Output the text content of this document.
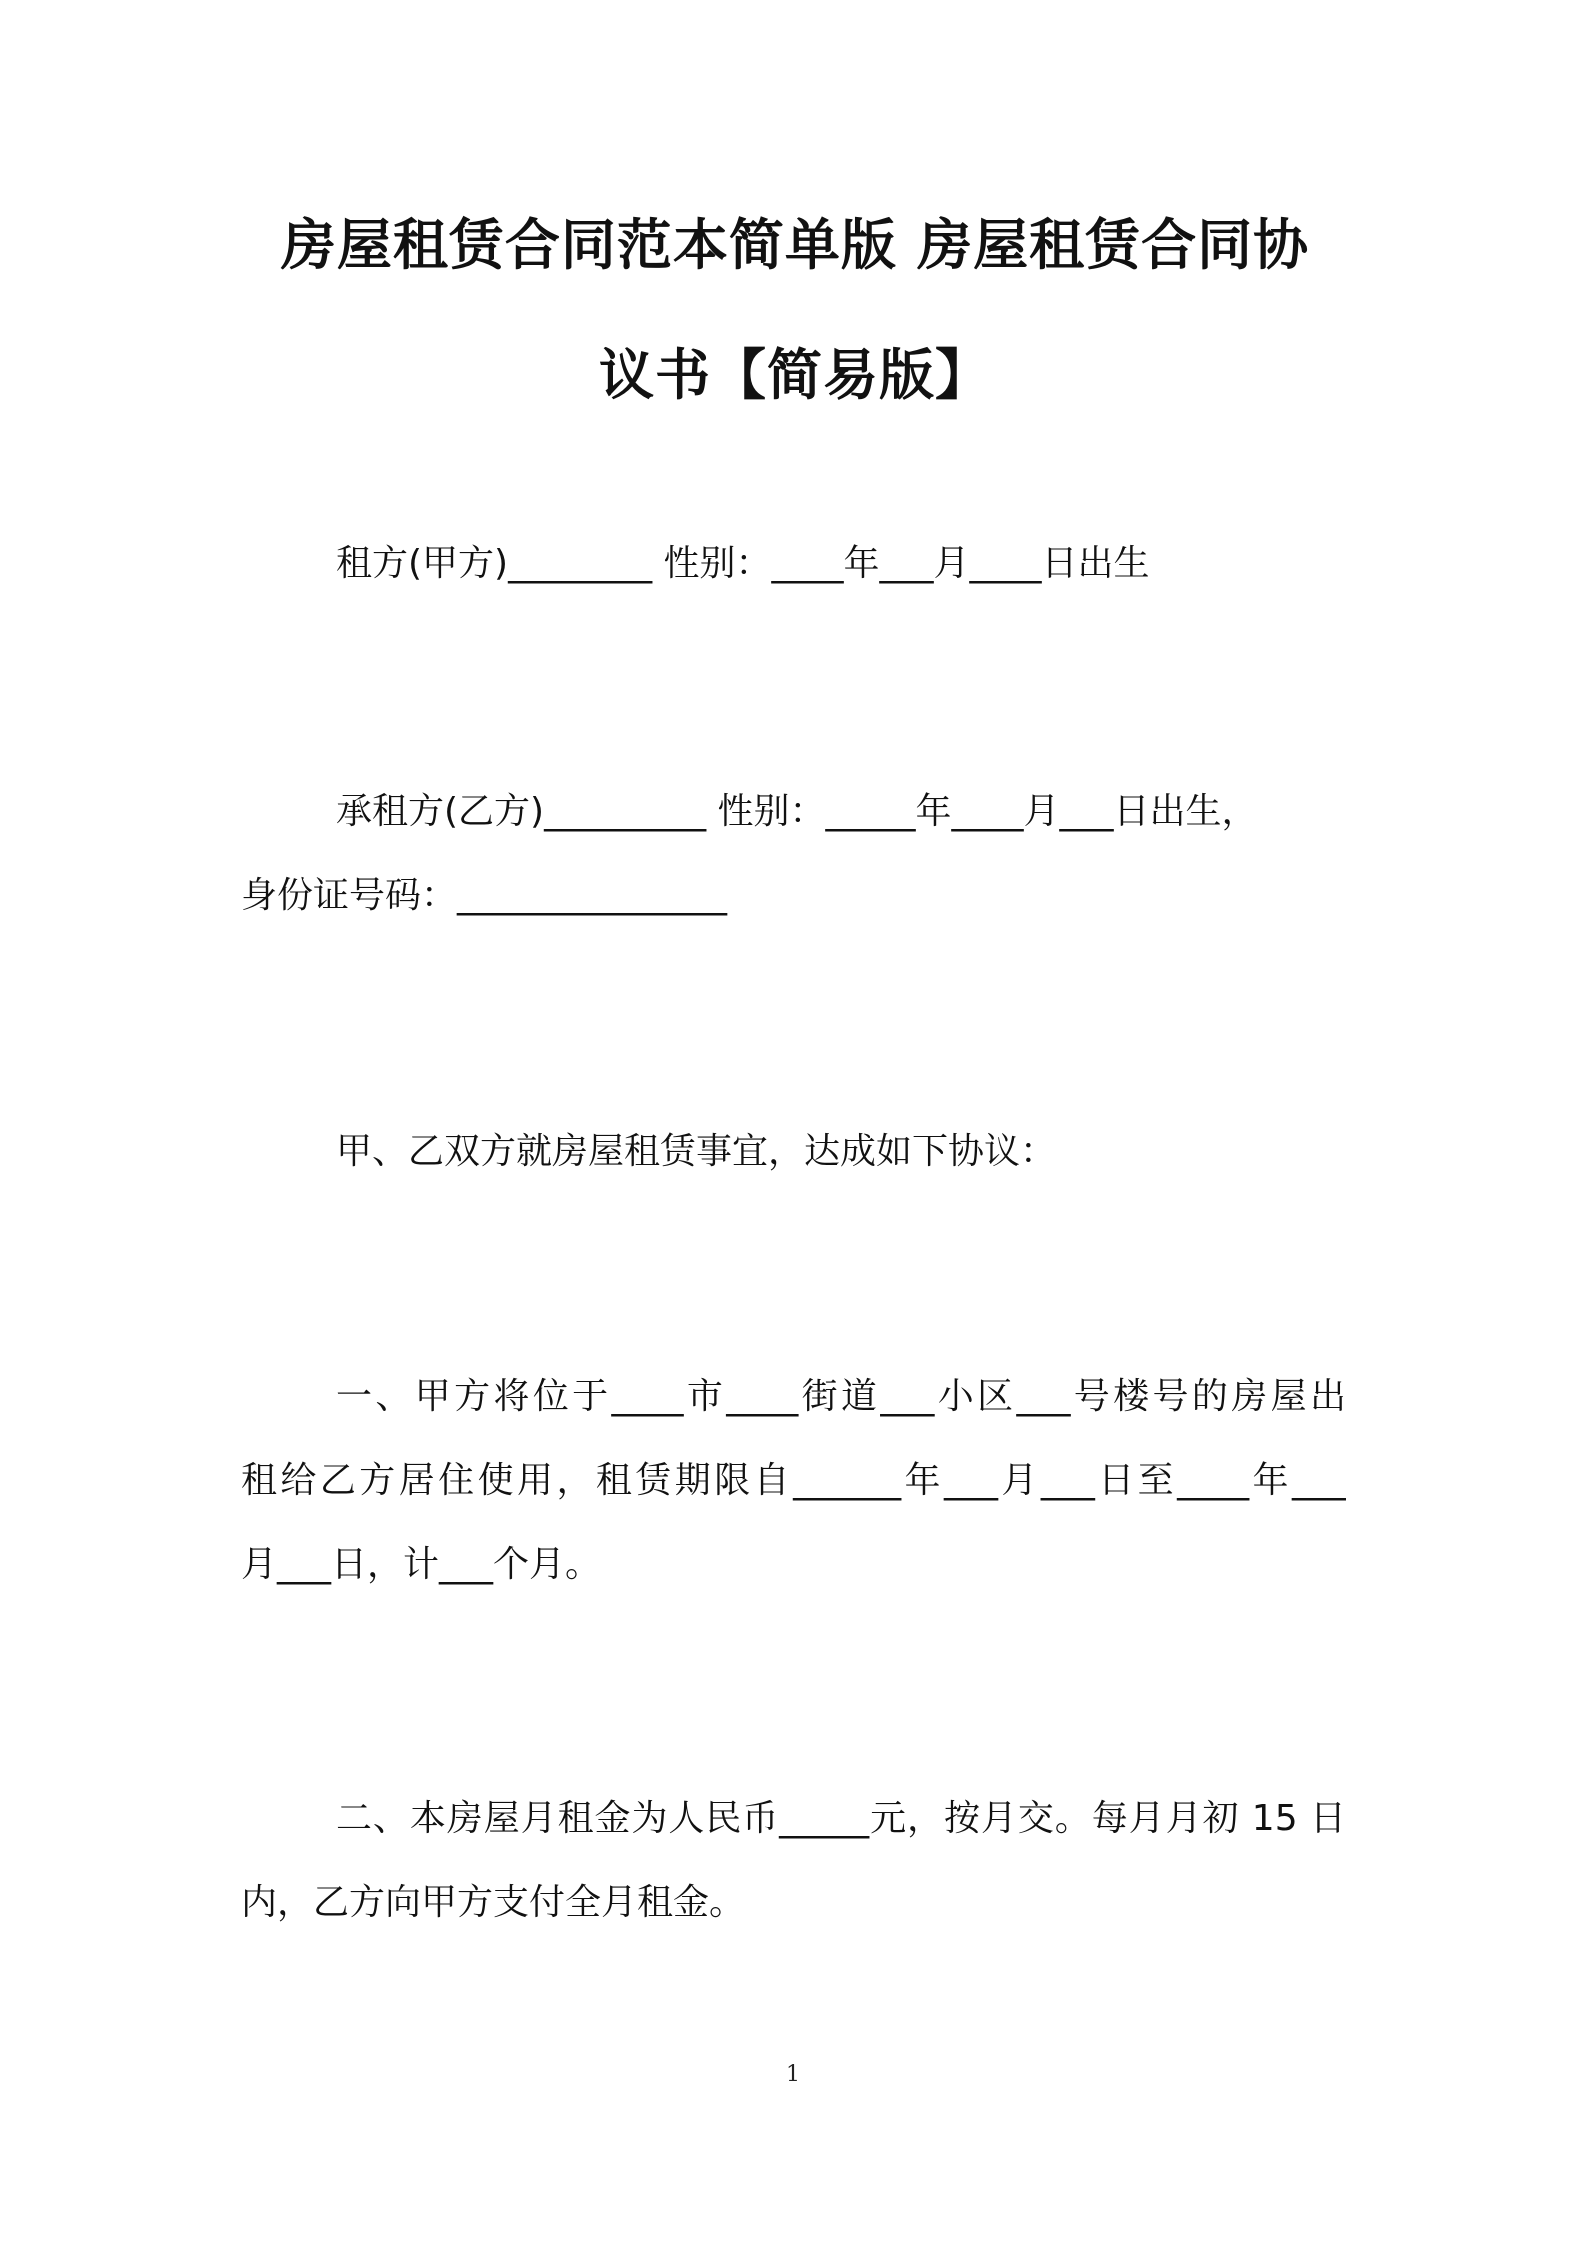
房屋租赁合同范本简单版 房屋租赁合同协
议书【简易版】

租方(甲方)________ 性别：____年___月____日出生

承租方(乙方)_________ 性别：_____年____月___日出生，
身份证号码：_______________

甲、乙双方就房屋租赁事宜，达成如下协议：

一、甲方将位于____市____街道___小区___号楼号的房屋出
租给乙方居住使用，租赁期限自______年___月___日至____年___
月___日，计___个月。

二、本房屋月租金为人民币_____元，按月交。每月月初 15 日
内，乙方向甲方支付全月租金。

1
